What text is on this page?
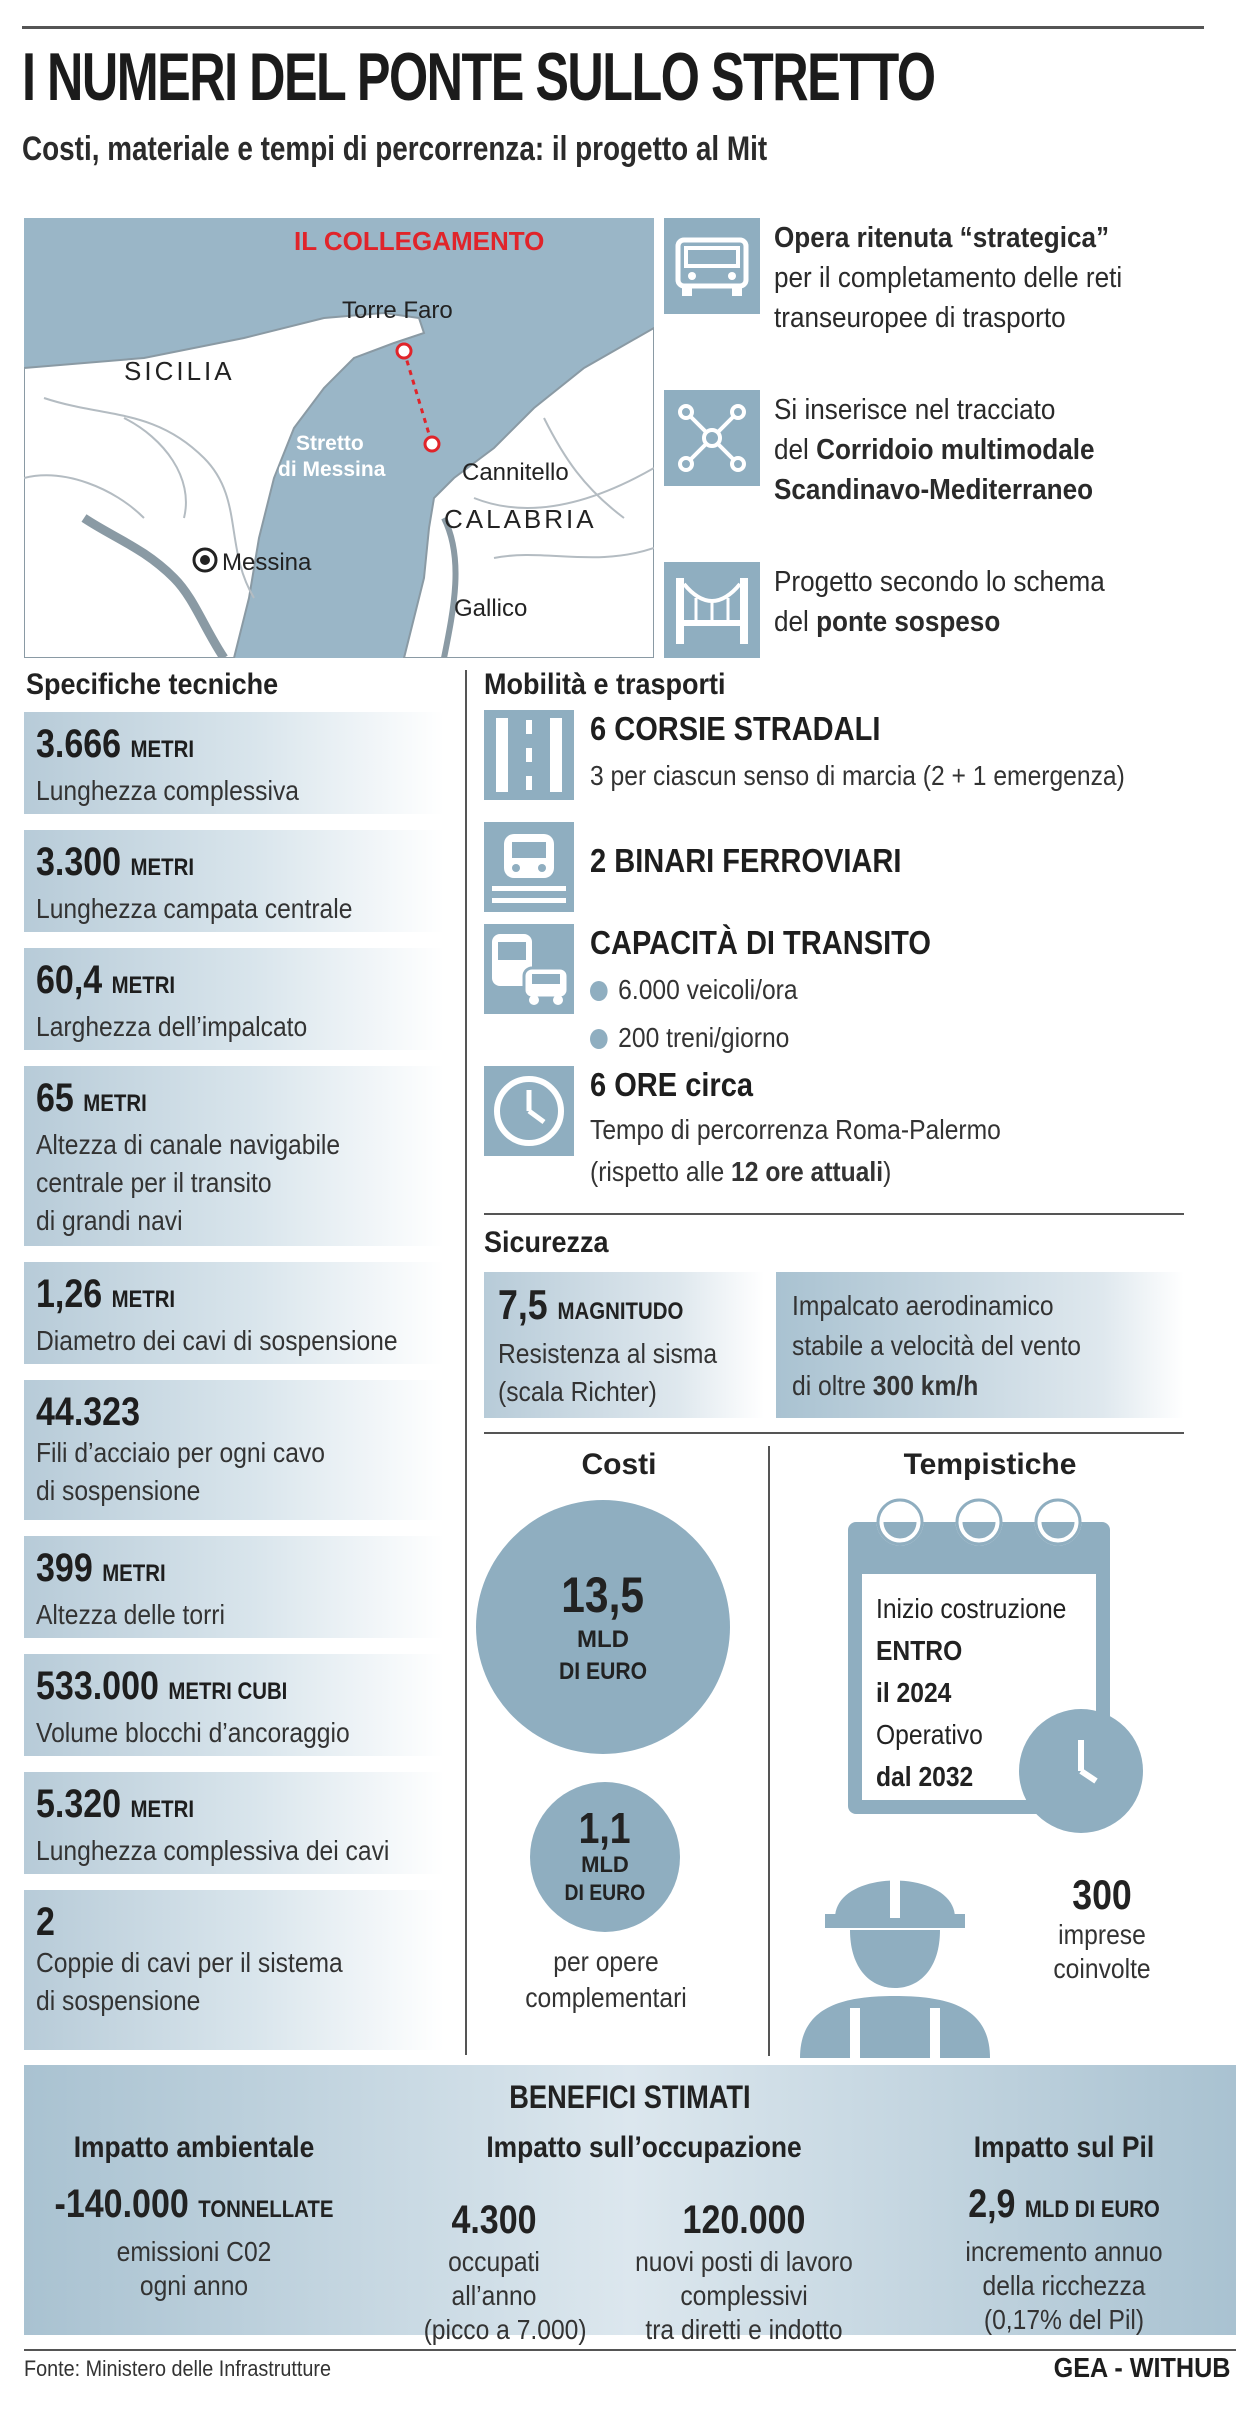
I NUMERI DEL PONTE SULLO STRETTO
Costi, materiale e tempi di percorrenza: il progetto al Mit
IL COLLEGAMENTO
Torre Faro
SICILIA
Stretto
di Messina	Cannitello
CALABRIA
Messina
Gallico
Opera ritenuta “strategica”
per il completamento delle reti
transeuropee di trasporto
Si inserisce nel tracciato
del Corridoio multimodale
Scandinavo-Mediterraneo
Progetto secondo lo schema
del ponte sospeso
Specifiche tecniche
3.666 METRI
Lunghezza complessiva
3.300 METRI
Lunghezza campata centrale
60,4 METRI
Larghezza dell’impalcato
65 METRI
Altezza di canale navigabile
centrale per il transito
di grandi navi
1,26 METRI
Diametro dei cavi di sospensione
44.323
Fili d’acciaio per ogni cavo
di sospensione
399 METRI
Altezza delle torri
533.000 METRI CUBI
Volume blocchi d’ancoraggio
5.320 METRI
Lunghezza complessiva dei cavi
2
Coppie di cavi per il sistema
di sospensione
Mobilità e trasporti
6 CORSIE STRADALI
3 per ciascun senso di marcia (2 + 1 emergenza)
2 BINARI FERROVIARI
CAPACITÀ DI TRANSITO
6.000 veicoli/ora
200 treni/giorno
6 ORE circa
Tempo di percorrenza Roma-Palermo
(rispetto alle 12 ore attuali)
Sicurezza
7,5 MAGNITUDO
Resistenza al sisma
(scala Richter)
Impalcato aerodinamico
stabile a velocità del vento
di oltre 300 km/h
Costi
13,5
MLD
DI EURO
1,1
MLD
DI EURO
per opere
complementari
Tempistiche
Inizio costruzione
ENTRO
il 2024
Operativo
dal 2032
300
imprese
coinvolte
BENEFICI STIMATI
Impatto ambientale
-140.000 TONNELLATE
emissioni C02
ogni anno
Impatto sull’occupazione
4.300
occupati
all’anno
(picco a 7.000)
120.000
nuovi posti di lavoro
complessivi
tra diretti e indotto
Impatto sul Pil
2,9 MLD DI EURO
incremento annuo
della ricchezza
(0,17% del Pil)
Fonte: Ministero delle Infrastrutture	GEA - WITHUB
